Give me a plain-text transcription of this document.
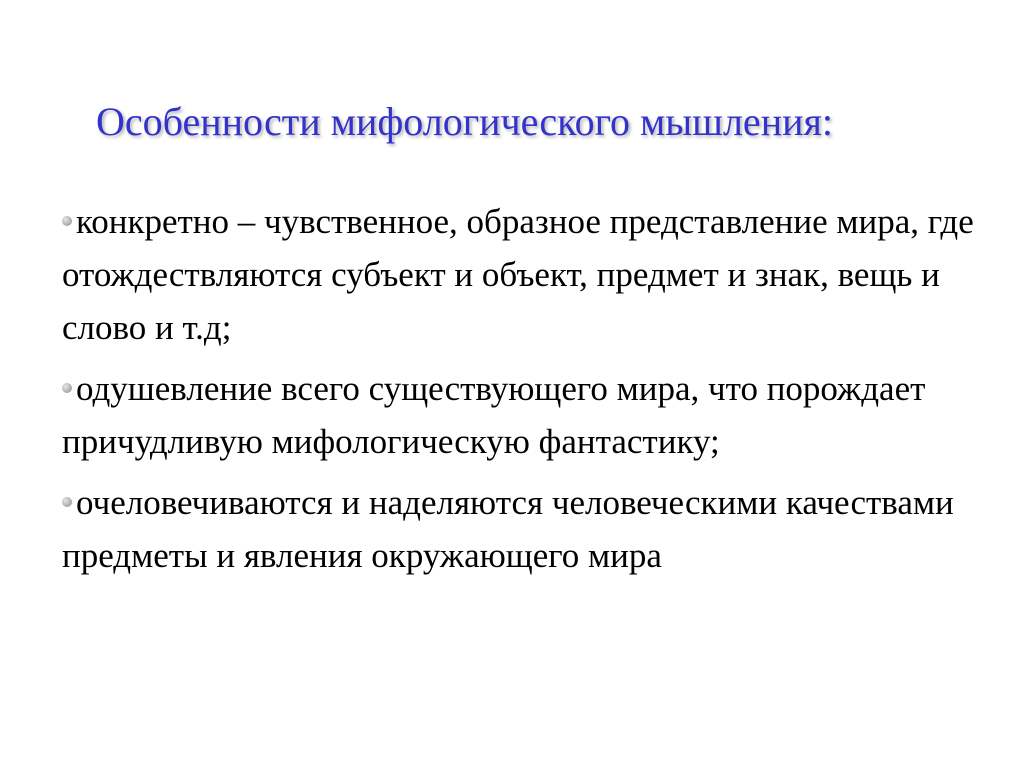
Особенности мифологического мышления:
конкретно – чувственное, образное представление мира, где отождествляются субъект и объект, предмет и знак, вещь и слово и т.д;
одушевление всего существующего мира, что порождает причудливую мифологическую фантастику;
очеловечиваются и наделяются человеческими качествами предметы и явления окружающего мира
